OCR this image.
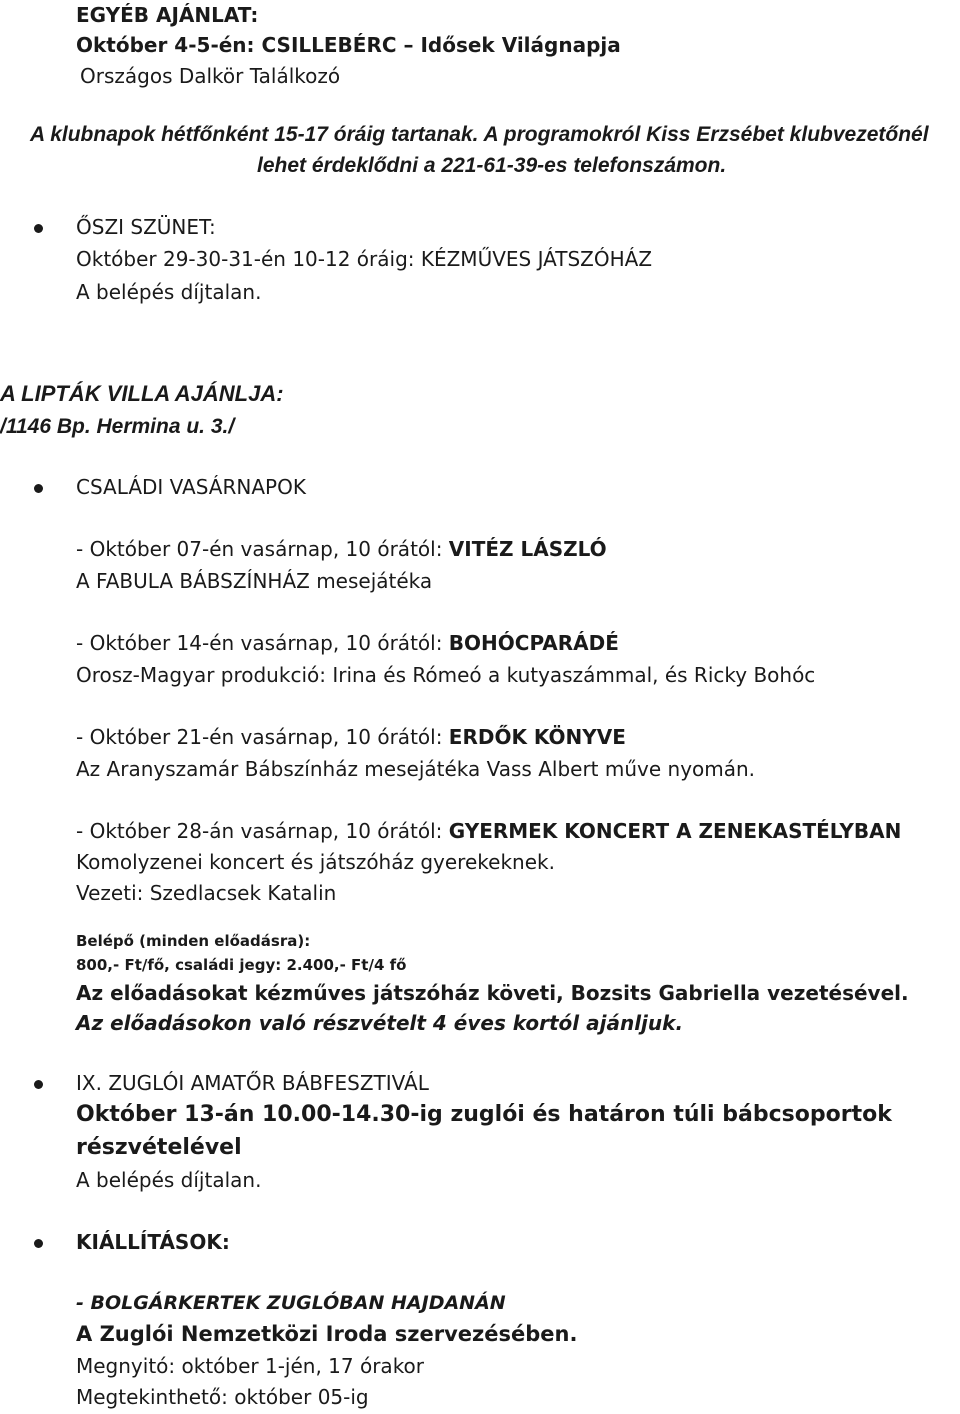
EGYÉB AJÁNLAT:
Október 4-5-én: CSILLEBÉRC – Idősek Világnapja
Országos Dalkör Találkozó
A klubnapok hétfőnként 15-17 óráig tartanak. A programokról Kiss Erzsébet klubvezetőnél
lehet érdeklődni a 221-61-39-es telefonszámon.
ŐSZI SZÜNET:
Október 29-30-31-én 10-12 óráig: KÉZMŰVES JÁTSZÓHÁZ
A belépés díjtalan.
A LIPTÁK VILLA AJÁNLJA:
/1146 Bp. Hermina u. 3./
CSALÁDI VASÁRNAPOK
- Október 07-én vasárnap, 10 órától: VITÉZ LÁSZLÓ
A FABULA BÁBSZÍNHÁZ mesejátéka
- Október 14-én vasárnap, 10 órától: BOHÓCPARÁDÉ
Orosz-Magyar produkció: Irina és Rómeó a kutyaszámmal, és Ricky Bohóc
- Október 21-én vasárnap, 10 órától: ERDŐK KÖNYVE
Az Aranyszamár Bábszínház mesejátéka Vass Albert műve nyomán.
- Október 28-án vasárnap, 10 órától: GYERMEK KONCERT A ZENEKASTÉLYBAN
Komolyzenei koncert és játszóház gyerekeknek.
Vezeti: Szedlacsek Katalin
Belépő (minden előadásra):
800,- Ft/fő, családi jegy: 2.400,- Ft/4 fő
Az előadásokat kézműves játszóház követi, Bozsits Gabriella vezetésével.
Az előadásokon való részvételt 4 éves kortól ajánljuk.
IX. ZUGLÓI AMATŐR BÁBFESZTIVÁL
Október 13-án 10.00-14.30-ig zuglói és határon túli bábcsoportok
részvételével
A belépés díjtalan.
KIÁLLÍTÁSOK:
- BOLGÁRKERTEK ZUGLÓBAN HAJDANÁN
A Zuglói Nemzetközi Iroda szervezésében.
Megnyitó: október 1-jén, 17 órakor
Megtekinthető: október 05-ig
